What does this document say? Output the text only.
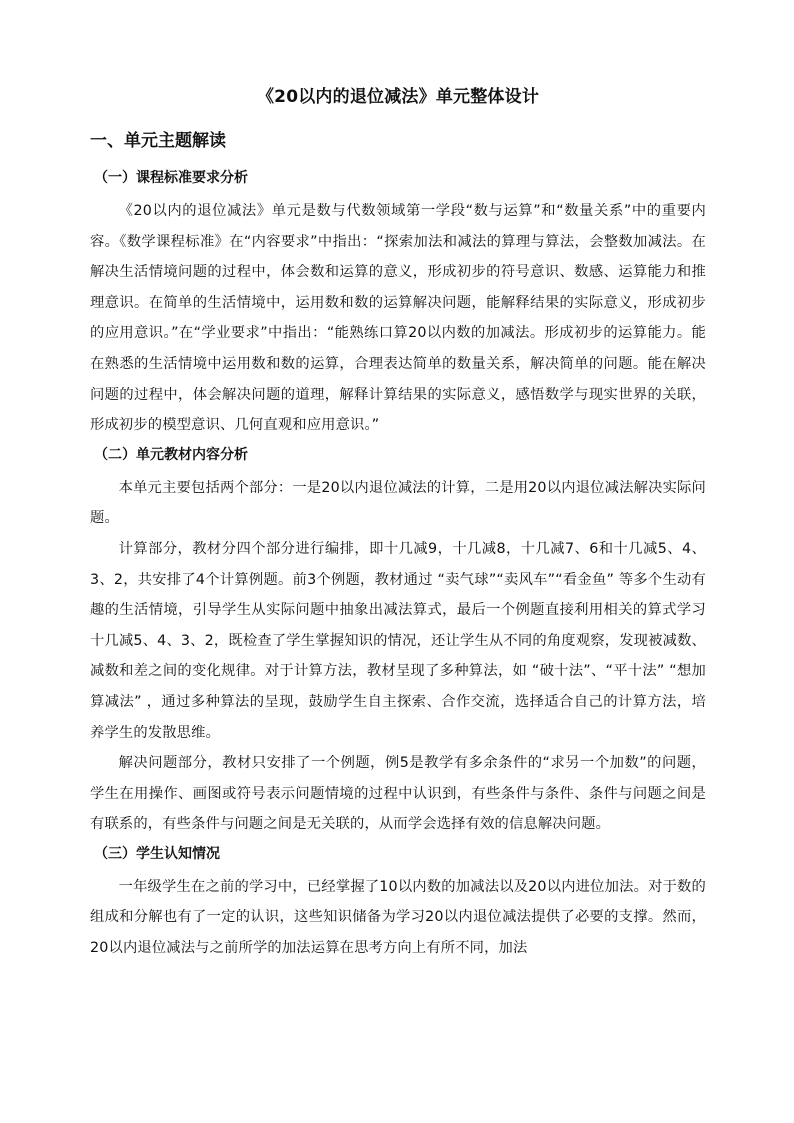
《20以内的退位减法》单元整体设计
一、单元主题解读
（一）课程标准要求分析

《20以内的退位减法》单元是数与代数领域第一学段“数与运算”和“数量关系”中的重要内容。《数学课程标准》在“内容要求”中指出：“探索加法和减法的算理与算法，会整数加减法。在解决生活情境问题的过程中，体会数和运算的意义，形成初步的符号意识、数感、运算能力和推理意识。在简单的生活情境中，运用数和数的运算解决问题，能解释结果的实际意义，形成初步的应用意识。”在“学业要求”中指出：“能熟练口算20以内数的加减法。形成初步的运算能力。能在熟悉的生活情境中运用数和数的运算，合理表达简单的数量关系，解决简单的问题。能在解决问题的过程中，体会解决问题的道理，解释计算结果的实际意义，感悟数学与现实世界的关联，形成初步的模型意识、几何直观和应用意识。”

（二）单元教材内容分析

本单元主要包括两个部分：一是20以内退位减法的计算，二是用20以内退位减法解决实际问题。

计算部分，教材分四个部分进行编排，即十几减9，十几减8，十几减7、6和十几减5、4、3、2，共安排了4个计算例题。前3个例题，教材通过 “卖气球”“卖风车”“看金鱼” 等多个生动有趣的生活情境，引导学生从实际问题中抽象出减法算式，最后一个例题直接利用相关的算式学习十几减5、4、3、2，既检查了学生掌握知识的情况，还让学生从不同的角度观察，发现被减数、减数和差之间的变化规律。对于计算方法，教材呈现了多种算法，如 “破十法”、“平十法” “想加算减法” ，通过多种算法的呈现，鼓励学生自主探索、合作交流，选择适合自己的计算方法，培养学生的发散思维。

解决问题部分，教材只安排了一个例题，例5是教学有多余条件的“求另一个加数”的问题，学生在用操作、画图或符号表示问题情境的过程中认识到，有些条件与条件、条件与问题之间是有联系的，有些条件与问题之间是无关联的，从而学会选择有效的信息解决问题。

（三）学生认知情况

一年级学生在之前的学习中，已经掌握了10以内数的加减法以及20以内进位加法。对于数的组成和分解也有了一定的认识，这些知识储备为学习20以内退位减法提供了必要的支撑。然而，20以内退位减法与之前所学的加法运算在思考方向上有所不同，加法
